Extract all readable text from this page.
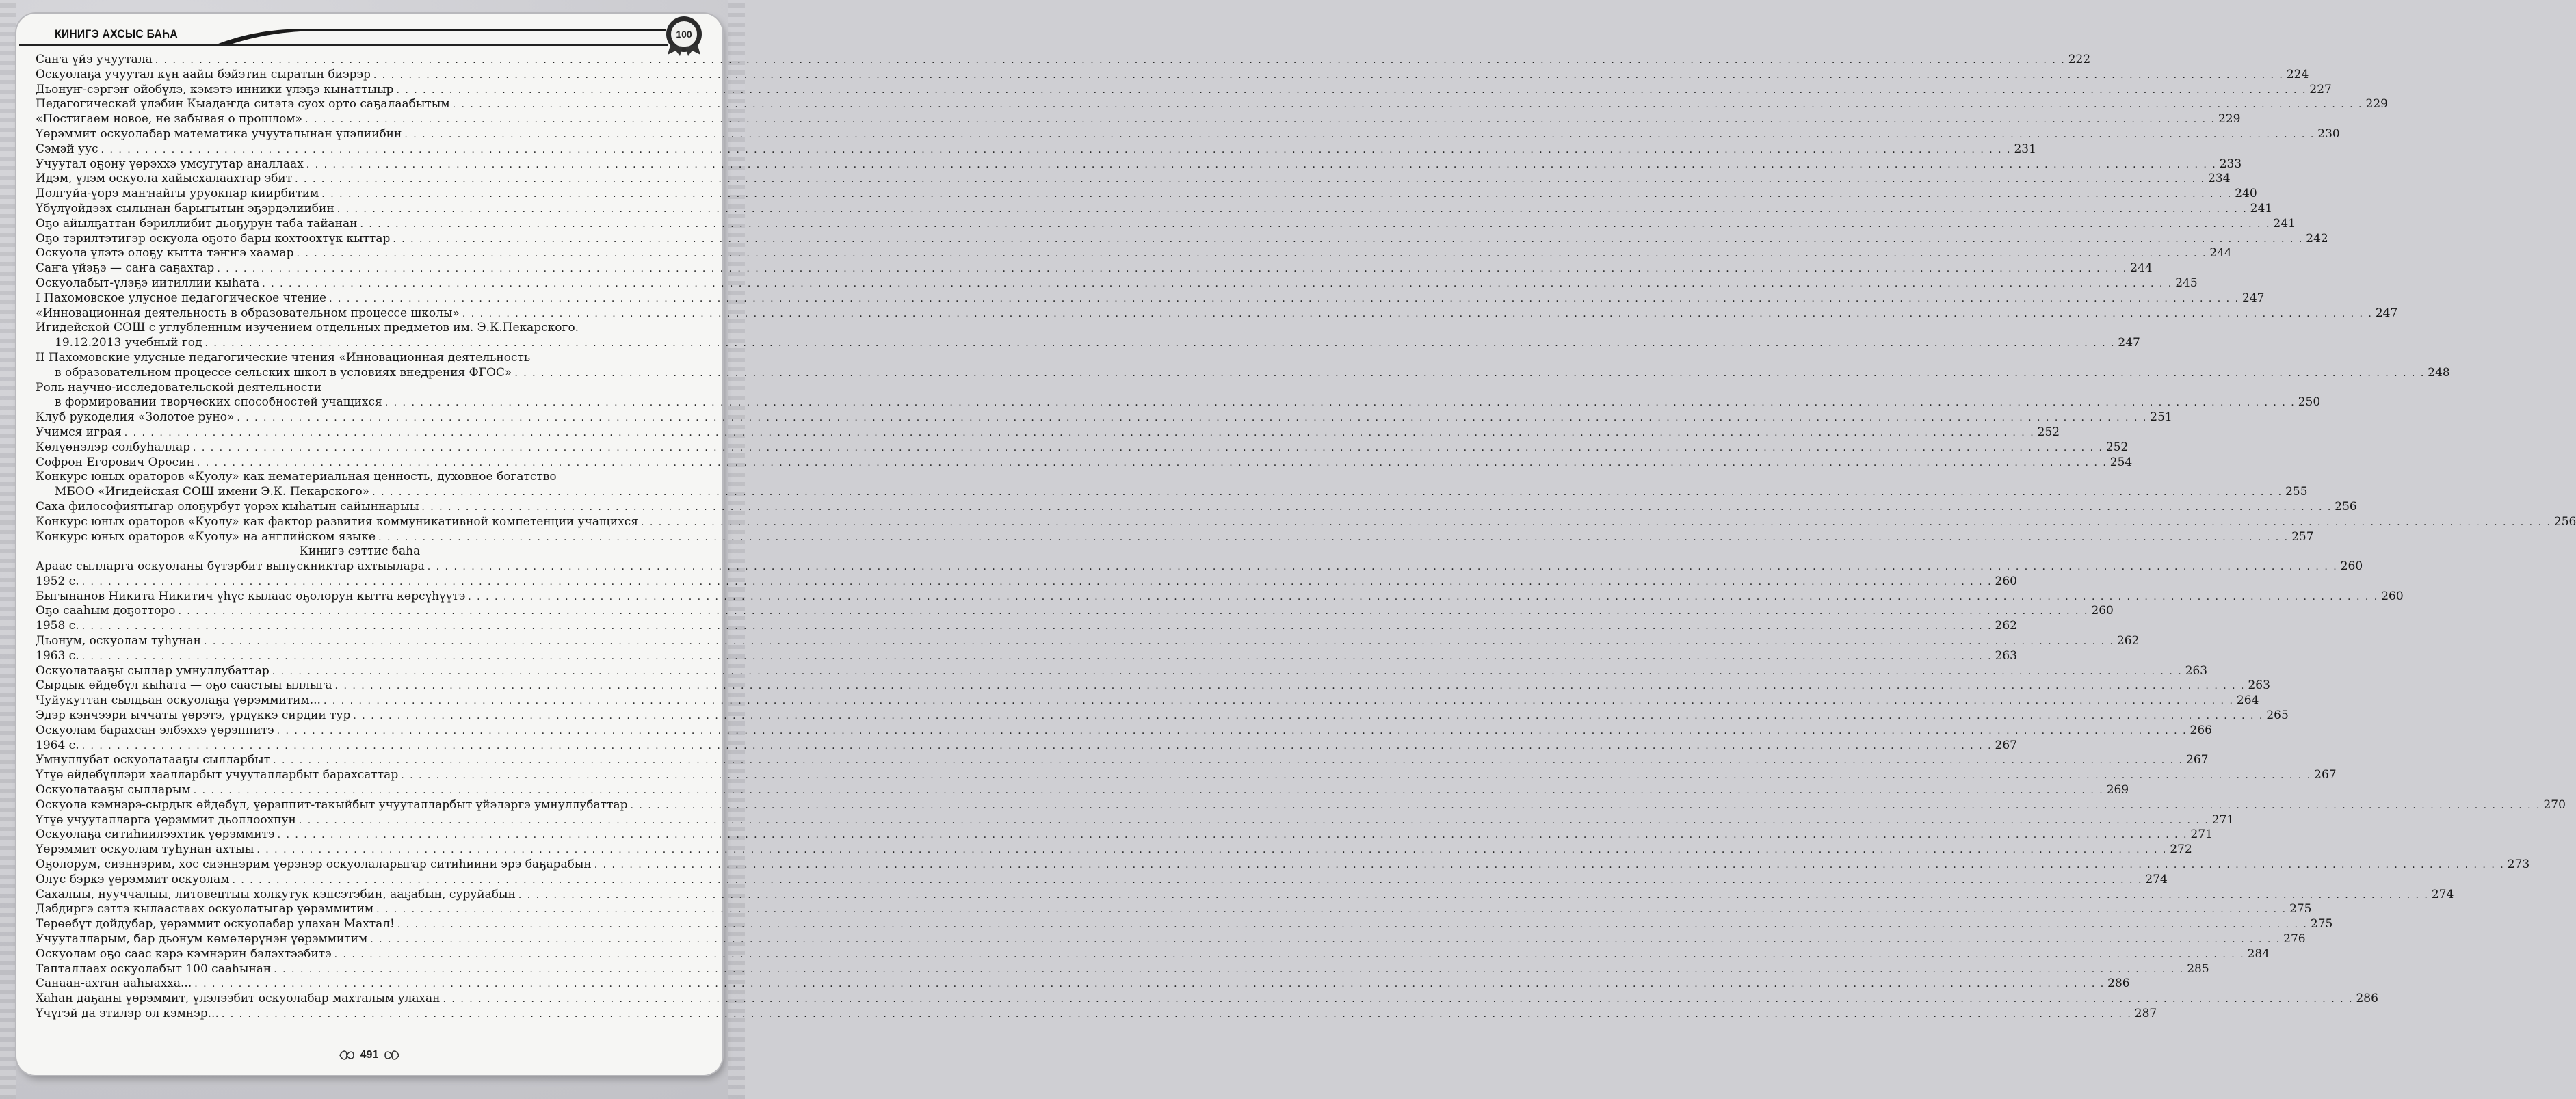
КИНИГЭ АХСЫС БАҺА	100
Саҥа үйэ учуутала . . .	222
Оскуолаҕа учуутал күн аайы бэйэтин сыратын биэрэр . . .	224
Дьонуҥ-сэргэҥ өйөбүлэ, кэмэтэ инники үлэҕэ кынаттыыр . . .	227
Педагогическай үлэбин Кыадаҥда ситэтэ суох орто саҕалаабытым . . .	229
«Постигаем новое, не забывая о прошлом» . . .	229
Үөрэммит оскуолабар математика учууталынан үлэлиибин . . .	230
Сэмэй уус . . .	231
Учуутал оҕону үөрэххэ умсугутар аналлаах . . .	233
Идэм, үлэм оскуола хайысхалаахтар эбит . . .	234
Долгуйа-үөрэ маҥнайгы уруокпар киирбитим . . .	240
Үбүлүөйдээх сылынан барыгытын эҕэрдэлиибин . . .	241
Оҕо айылҕаттан бэриллибит дьоҕурун таба тайанан . . .	241
Оҕо тэрилтэтигэр оскуола оҕото бары көхтөөхтүк кыттар . . .	242
Оскуола үлэтэ олоҕу кытта тэҥҥэ хаамар . . .	244
Саҥа үйэҕэ — саҥа саҕахтар . . .	244
Оскуолабыт-үлэҕэ иитиллии кыһата . . .	245
I Пахомовское улусное педагогическое чтение . . .	247
«Инновационная деятельность в образовательном процессе школы» . . .	247
Игидейской СОШ с углубленным изучением отдельных предметов им. Э.К.Пекарского.
19.12.2013 учебный год . . .	247
II Пахомовские улусные педагогические чтения «Инновационная деятельность
в образовательном процессе сельских школ в условиях внедрения ФГОС» . . .	248
Роль научно-исследовательской деятельности
в формировании творческих способностей учащихся . . .	250
Клуб рукоделия «Золотое руно» . . .	251
Учимся играя . . .	252
Көлүөнэлэр солбуһаллар . . .	252
Софрон Егорович Оросин . . .	254
Конкурс юных ораторов «Куолу» как нематериальная ценность, духовное богатство
МБОО «Игидейская СОШ имени Э.К. Пекарского» . . .	255
Саха философиятыгар олоҕурбут үөрэх кыһатын сайыннарыы . . .	256
Конкурс юных ораторов «Куолу» как фактор развития коммуникативной компетенции учащихся . . .	256
Конкурс юных ораторов «Куолу» на английском языке . . .	257
Кинигэ сэттис баһа
Араас сылларга оскуоланы бүтэрбит выпускниктар ахтыылара . . .	260
1952 с. . . .	260
Быгынанов Никита Никитич үһүс кылаас оҕолорун кытта көрсүһүүтэ . . .	260
Оҕо сааһым доҕотторо . . .	260
1958 с. . . .	262
Дьонум, оскуолам туһунан . . .	262
1963 с. . . .	263
Оскуолатааҕы сыллар умнуллубаттар . . .	263
Сырдык өйдөбүл кыһата — оҕо саастыы ыллыга . . .	263
Чуйукуттан сылдьан оскуолаҕа үөрэммитим... . . .	264
Эдэр кэнчээри ыччаты үөрэтэ, үрдүккэ сирдии тур . . .	265
Оскуолам барахсан элбэххэ үөрэппитэ . . .	266
1964 с. . . .	267
Умнуллубат оскуолатааҕы сылларбыт . . .	267
Үтүө өйдөбүллэри хаалларбыт учууталларбыт барахсаттар . . .	267
Оскуолатааҕы сылларым . . .	269
Оскуола кэмнэрэ-сырдык өйдөбүл, үөрэппит-такыйбыт учууталларбыт үйэлэргэ умнуллубаттар . . .	270
Үтүө учууталларга үөрэммит дьоллоохпун . . .	271
Оскуолаҕа ситиһиилээхтик үөрэммитэ . . .	271
Үөрэммит оскуолам туһунан ахтыы . . .	272
Оҕолорум, сиэннэрим, хос сиэннэрим үөрэнэр оскуолаларыгар ситиһиини эрэ баҕарабын . . .	273
Олус бэркэ үөрэммит оскуолам . . .	274
Сахалыы, нууччалыы, литовецтыы холкутук кэпсэтэбин, ааҕабын, суруйабын . . .	274
Дэбдиргэ сэттэ кылаастаах оскуолатыгар үөрэммитим . . .	275
Төрөөбүт дойдубар, үөрэммит оскуолабар улахан Махтал! . . .	275
Учууталларым, бар дьонум көмөлөрүнэн үөрэммитим . . .	276
Оскуолам оҕо саас кэрэ кэмнэрин бэлэхтээбитэ . . .	284
Тапталлаах оскуолабыт 100 сааһынан . . .	285
Санаан-ахтан ааһыахха... . . .	286
Хаһан даҕаны үөрэммит, үлэлээбит оскуолабар махталым улахан . . .	286
Үчүгэй да этилэр ол кэмнэр... . . .	287
491
